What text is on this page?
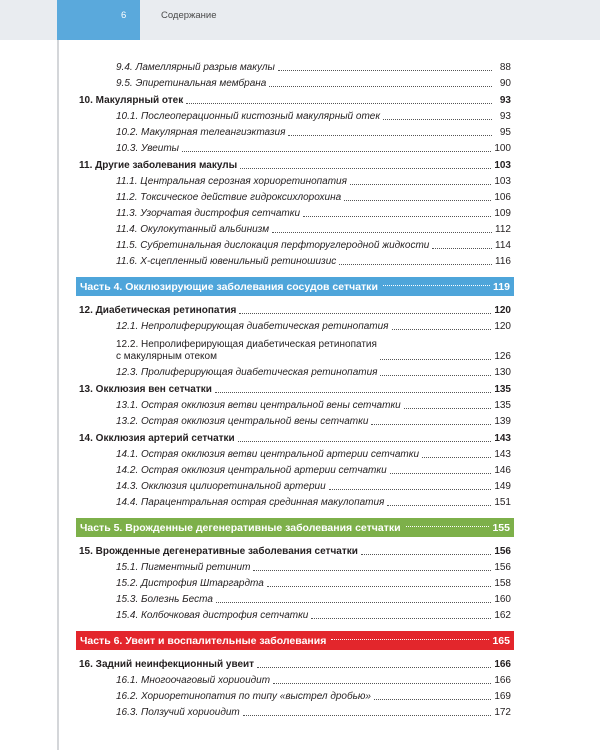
6	Содержание
9.4. Ламеллярный разрыв макулы	88
9.5. Эпиретинальная мембрана	90
10. Макулярный отек	93
10.1. Послеоперационный кистозный макулярный отек	93
10.2. Макулярная телеангиэктазия	95
10.3. Увеиты	100
11. Другие заболевания макулы	103
11.1. Центральная серозная хориоретинопатия	103
11.2. Токсическое действие гидроксихлорохина	106
11.3. Узорчатая дистрофия сетчатки	109
11.4. Окулокутанный альбинизм	112
11.5. Субретинальная дислокация перфторуглеродной жидкости	114
11.6. Х-сцепленный ювенильный ретиношизис	116
Часть 4. Окклюзирующие заболевания сосудов сетчатки	119
12. Диабетическая ретинопатия	120
12.1. Непролиферирующая диабетическая ретинопатия	120
12.2. Непролиферирующая диабетическая ретинопатия
с макулярным отеком	126
12.3. Пролиферирующая диабетическая ретинопатия	130
13. Окклюзия вен сетчатки	135
13.1. Острая окклюзия ветви центральной вены сетчатки	135
13.2. Острая окклюзия центральной вены сетчатки	139
14. Окклюзия артерий сетчатки	143
14.1. Острая окклюзия ветви центральной артерии сетчатки	143
14.2. Острая окклюзия центральной артерии сетчатки	146
14.3. Окклюзия цилиоретинальной артерии	149
14.4. Парацентральная острая срединная макулопатия	151
Часть 5. Врожденные дегенеративные заболевания сетчатки	155
15. Врожденные дегенеративные заболевания сетчатки	156
15.1. Пигментный ретинит	156
15.2. Дистрофия Штаргардта	158
15.3. Болезнь Беста	160
15.4. Колбочковая дистрофия сетчатки	162
Часть 6. Увеит и воспалительные заболевания	165
16. Задний неинфекционный увеит	166
16.1. Многоочаговый хориоидит	166
16.2. Хориоретинопатия по типу «выстрел дробью»	169
16.3. Ползучий хориоидит	172
